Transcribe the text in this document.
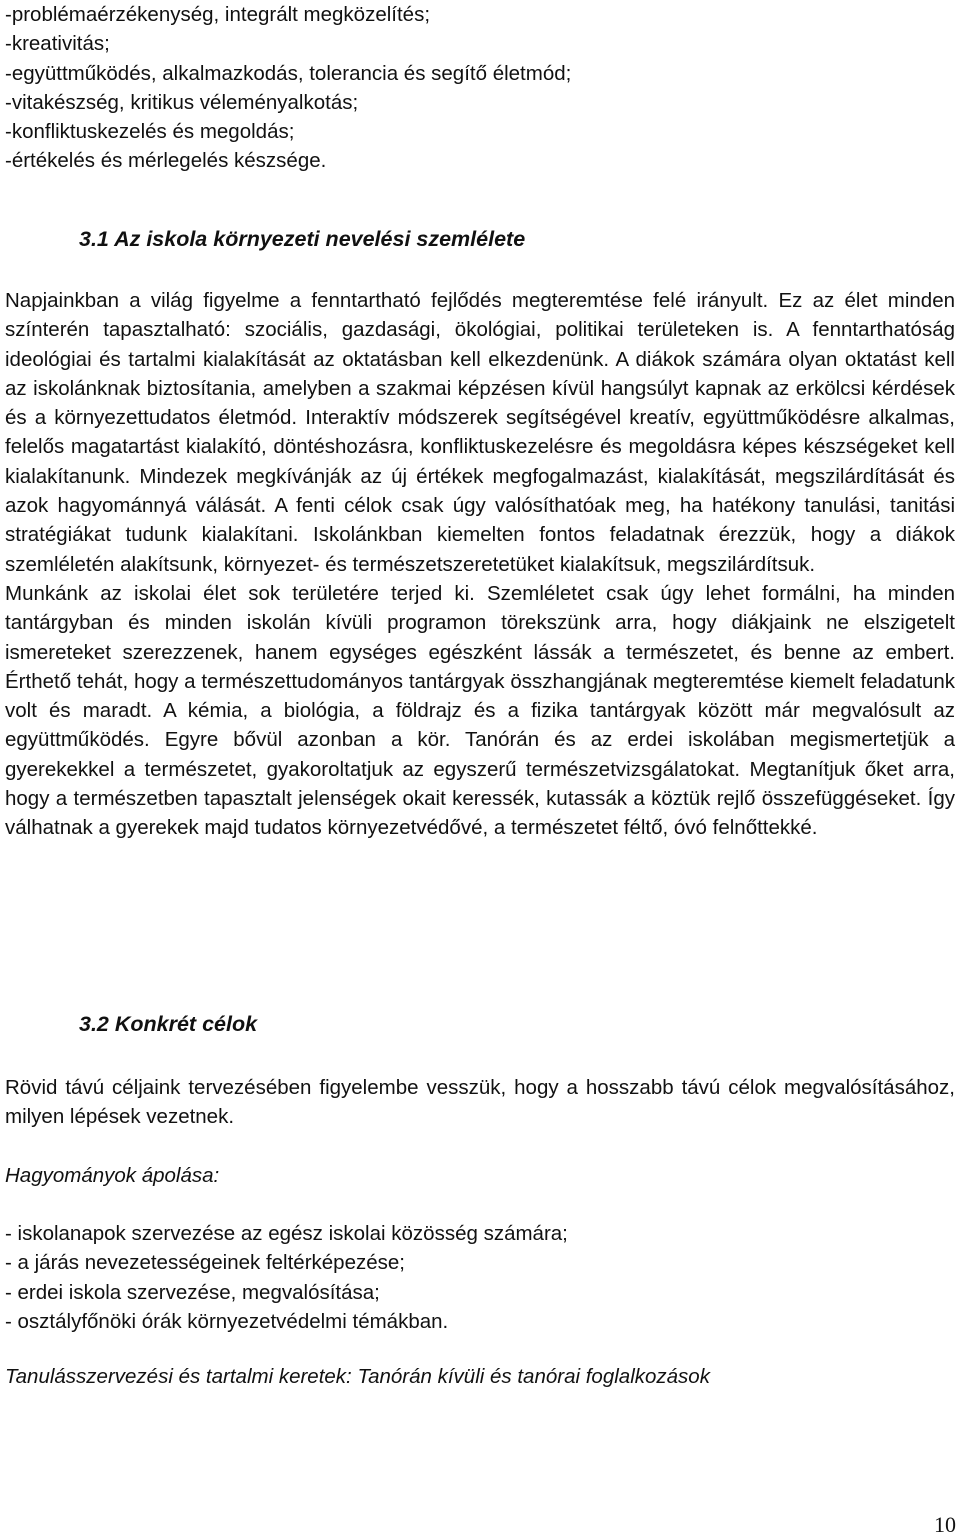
-problémaérzékenység, integrált megközelítés;

-kreativitás;

-együttműködés, alkalmazkodás, tolerancia és segítő életmód;

-vitakészség, kritikus véleményalkotás;

-konfliktuskezelés és megoldás;

-értékelés és mérlegelés készsége.

3.1 Az iskola környezeti nevelési szemlélete

Napjainkban a világ figyelme a fenntartható fejlődés megteremtése felé irányult. Ez az élet minden színterén tapasztalható: szociális, gazdasági, ökológiai, politikai területeken is. A fenntarthatóság ideológiai és tartalmi kialakítását az oktatásban kell elkezdenünk. A diákok számára olyan oktatást kell az iskolánknak biztosítania, amelyben a szakmai képzésen kívül hangsúlyt kapnak az erkölcsi kérdések és a környezettudatos életmód. Interaktív módszerek segítségével kreatív, együttműködésre alkalmas, felelős magatartást kialakító, döntéshozásra, konfliktuskezelésre és megoldásra képes készségeket kell kialakítanunk. Mindezek megkívánják az új értékek megfogalmazást, kialakítását, megszilárdítását és azok hagyománnyá válását. A fenti célok csak úgy valósíthatóak meg, ha hatékony tanulási, tanitási stratégiákat tudunk kialakítani. Iskolánkban kiemelten fontos feladatnak érezzük, hogy a diákok szemléletén alakítsunk, környezet- és természetszeretetüket kialakítsuk, megszilárdítsuk.
Munkánk az iskolai élet sok területére terjed ki. Szemléletet csak úgy lehet formálni, ha minden tantárgyban és minden iskolán kívüli programon törekszünk arra, hogy diákjaink ne elszigetelt ismereteket szerezzenek, hanem egységes egészként lássák a természetet, és benne az embert. Érthető tehát, hogy a természettudományos tantárgyak összhangjának megteremtése kiemelt feladatunk volt és maradt. A kémia, a biológia, a földrajz és a fizika tantárgyak között már megvalósult az együttműködés. Egyre bővül azonban a kör. Tanórán és az erdei iskolában megismertetjük a gyerekekkel a természetet, gyakoroltatjuk az egyszerű természetvizsgálatokat. Megtanítjuk őket arra, hogy a természetben tapasztalt jelenségek okait keressék, kutassák a köztük rejlő összefüggéseket. Így válhatnak a gyerekek majd tudatos környezetvédővé, a természetet féltő, óvó felnőttekké.

3.2 Konkrét célok

Rövid távú céljaink tervezésében figyelembe vesszük, hogy a hosszabb távú célok megvalósításához, milyen lépések vezetnek.

Hagyományok ápolása:

- iskolanapok szervezése az egész iskolai közösség számára;

- a járás nevezetességeinek feltérképezése;

- erdei iskola szervezése, megvalósítása;

- osztályfőnöki órák környezetvédelmi témákban.

Tanulásszervezési és tartalmi keretek: Tanórán kívüli és tanórai foglalkozások

10
